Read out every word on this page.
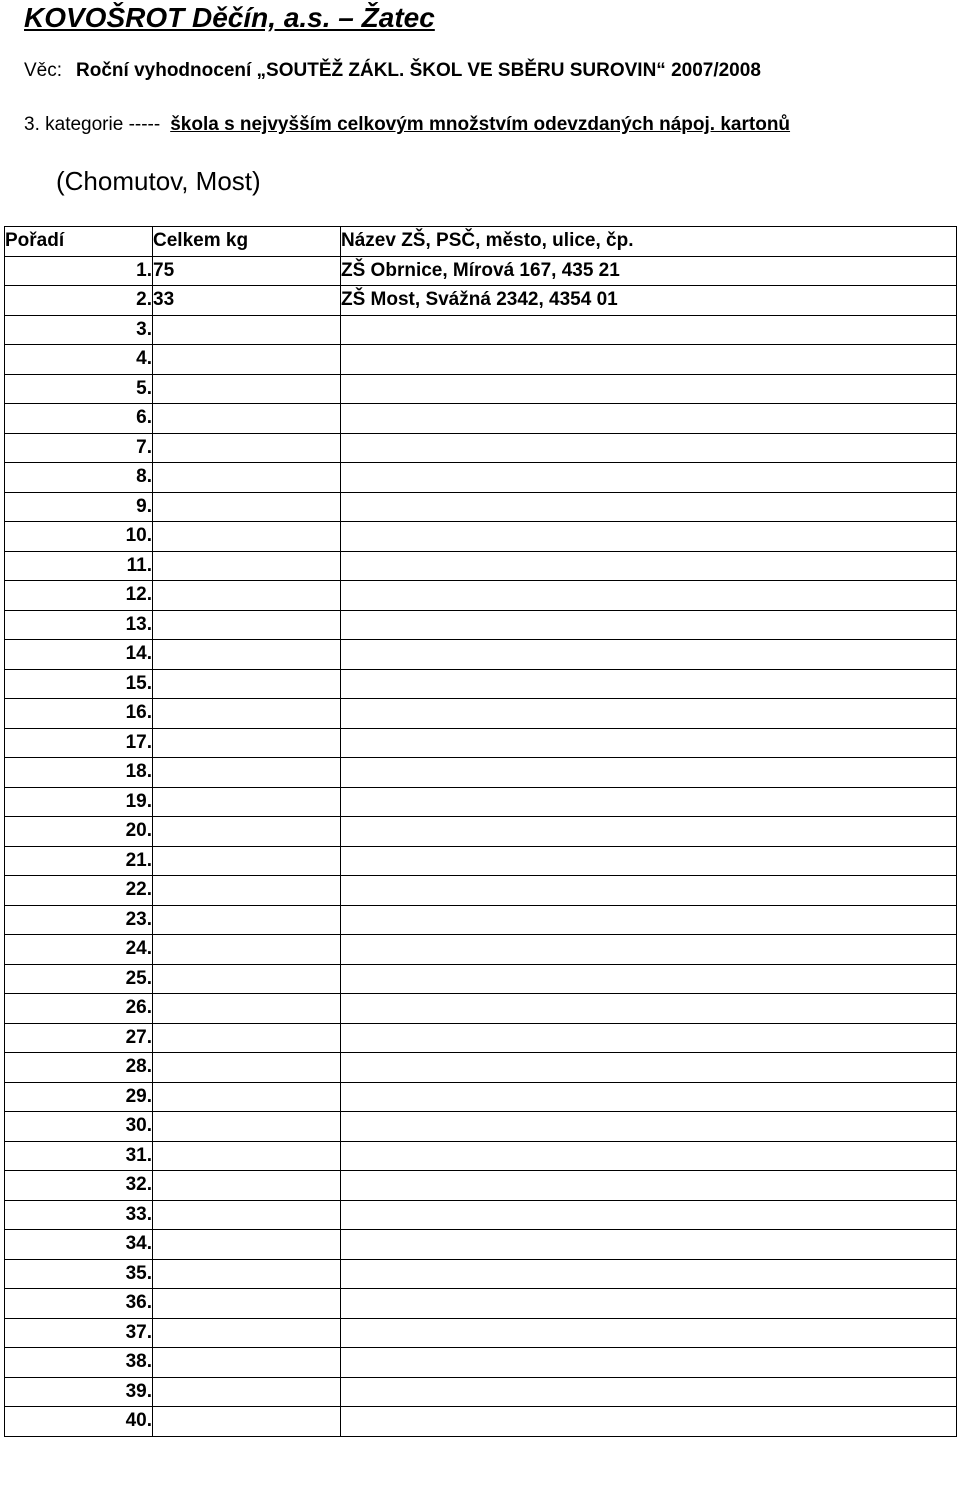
KOVOŠROT Děčín, a.s. – Žatec
Věc: Roční vyhodnocení „SOUTĚŽ ZÁKL. ŠKOL VE SBĚRU SUROVIN“ 2007/2008
3. kategorie ----- škola s nejvyšším celkovým množstvím odevzdaných nápoj. kartonů
(Chomutov, Most)
Pořadí	Celkem kg	Název ZŠ, PSČ, město, ulice, čp.
1.	75	ZŠ Obrnice, Mírová 167, 435 21
2.	33	ZŠ Most, Svážná 2342, 4354 01
3.		
4.		
5.		
6.		
7.		
8.		
9.		
10.		
11.		
12.		
13.		
14.		
15.		
16.		
17.		
18.		
19.		
20.		
21.		
22.		
23.		
24.		
25.		
26.		
27.		
28.		
29.		
30.		
31.		
32.		
33.		
34.		
35.		
36.		
37.		
38.		
39.		
40.		
